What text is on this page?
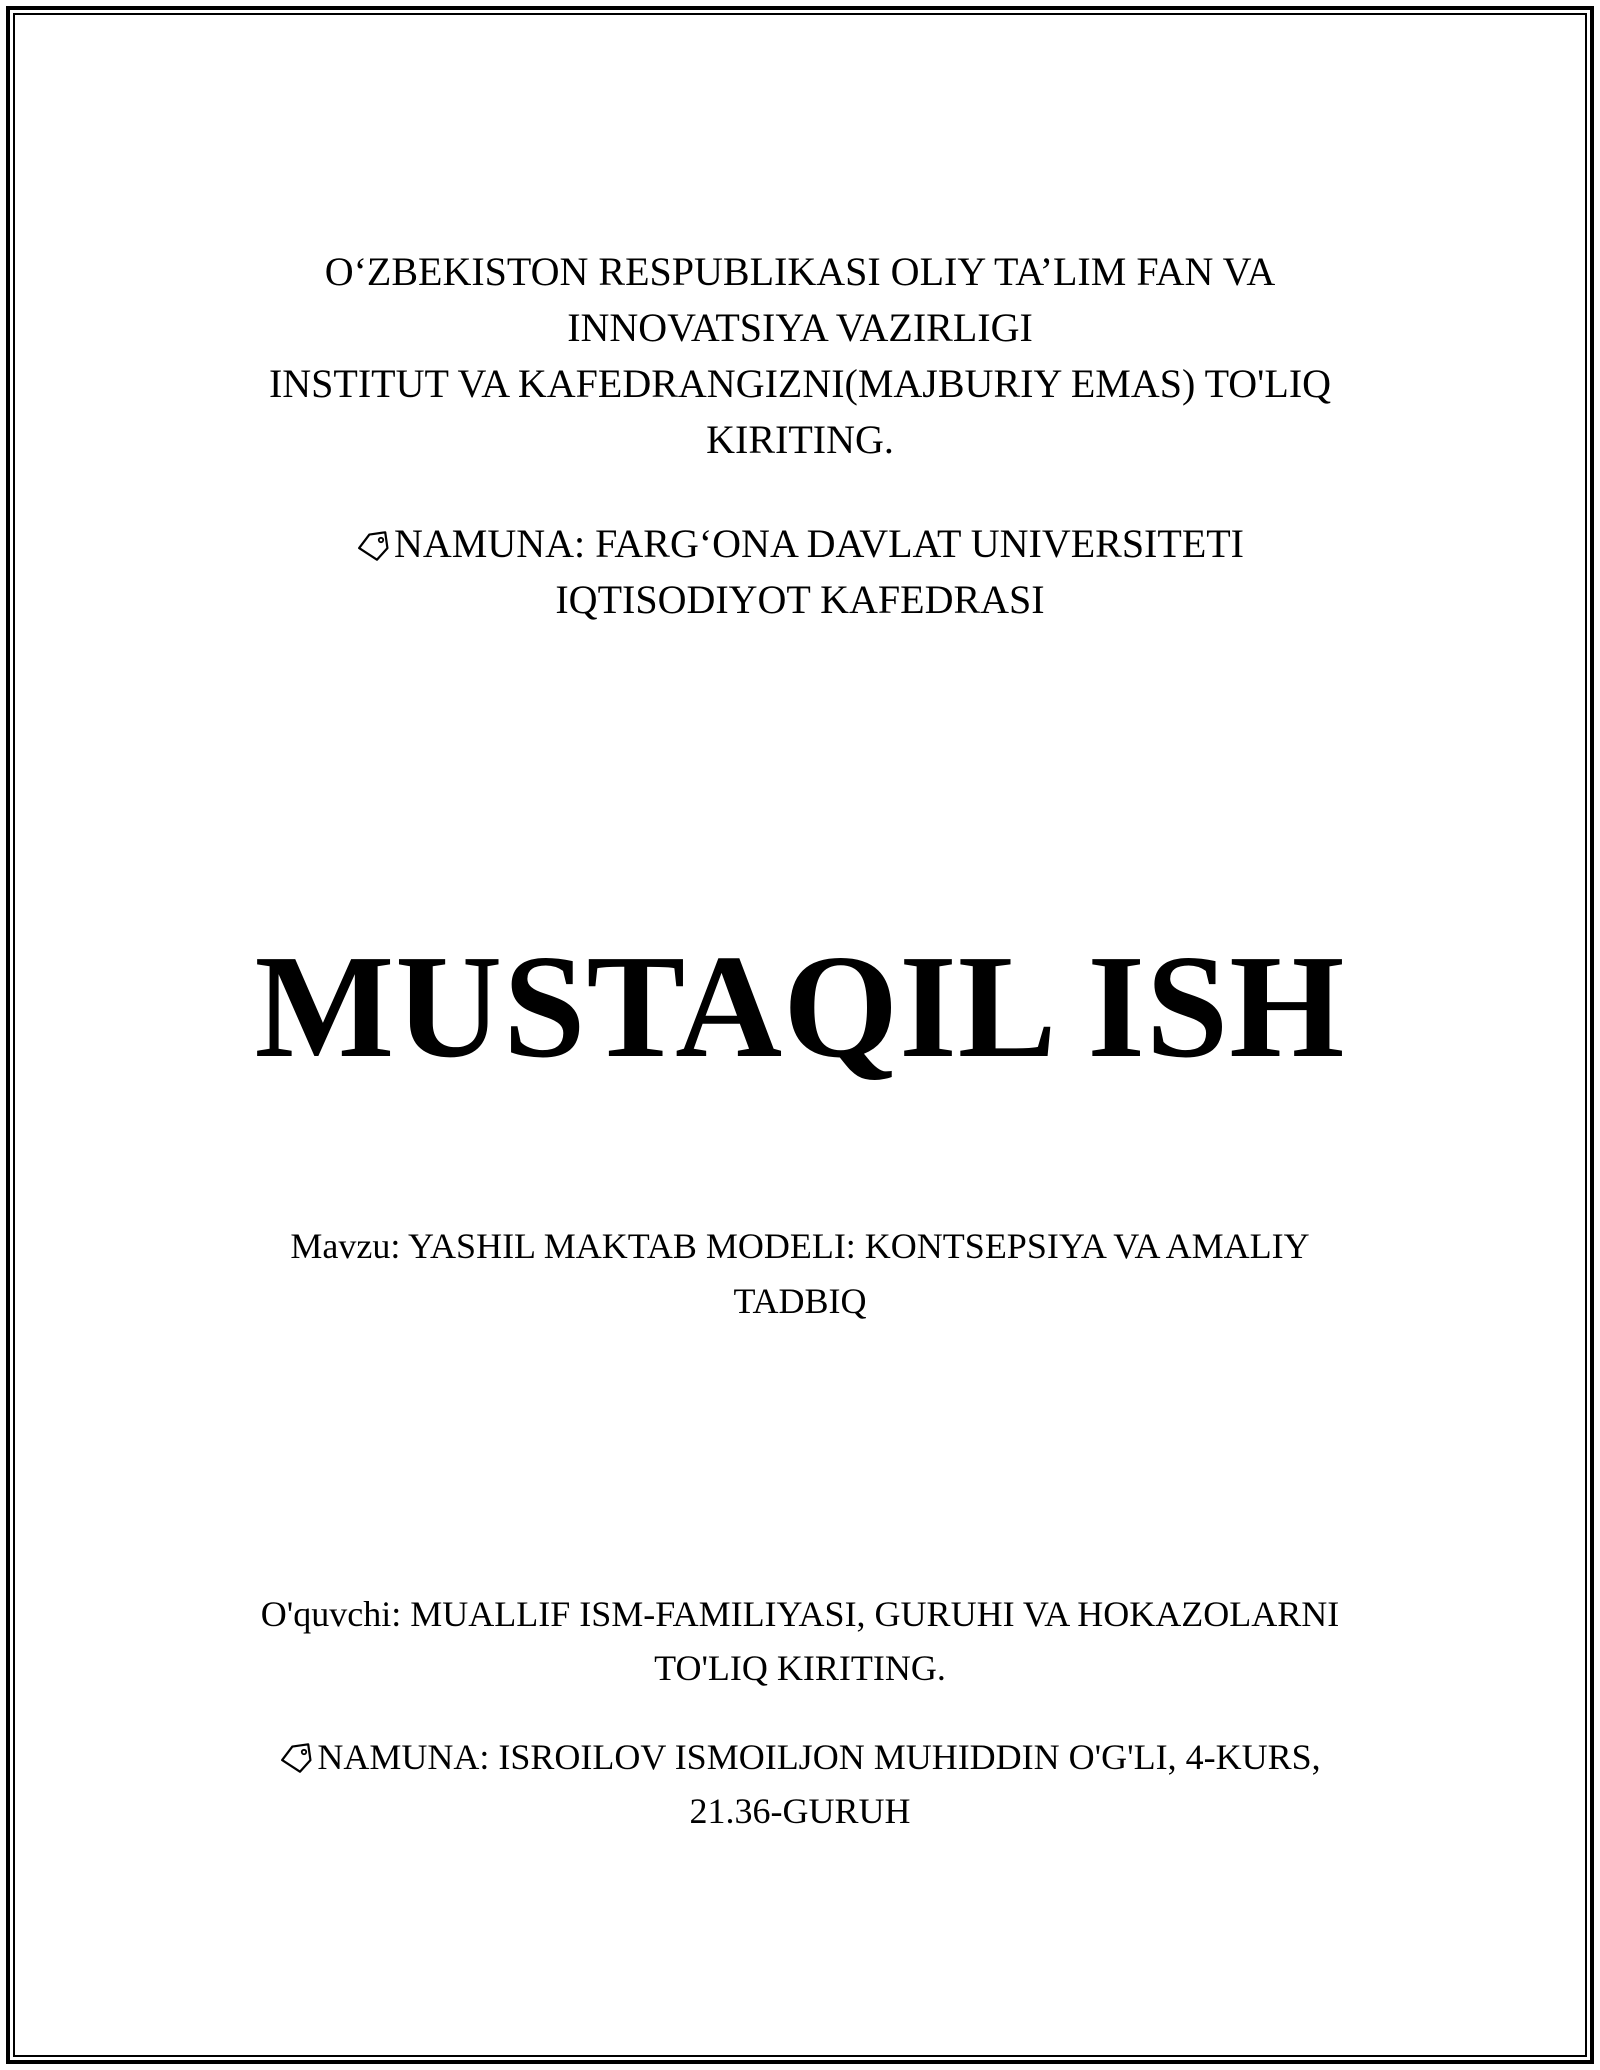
O‘ZBEKISTON RESPUBLIKASI OLIY TA’LIM FAN VA
INNOVATSIYA VAZIRLIGI
INSTITUT VA KAFEDRANGIZNI(MAJBURIY EMAS) TO'LIQ
KIRITING.
NAMUNA: FARG‘ONA DAVLAT UNIVERSITETI
IQTISODIYOT KAFEDRASI
MUSTAQIL ISH
Mavzu: YASHIL MAKTAB MODELI: KONTSEPSIYA VA AMALIY
TADBIQ
O'quvchi: MUALLIF ISM-FAMILIYASI, GURUHI VA HOKAZOLARNI
TO'LIQ KIRITING.
NAMUNA: ISROILOV ISMOILJON MUHIDDIN O'G'LI, 4-KURS,
21.36-GURUH
